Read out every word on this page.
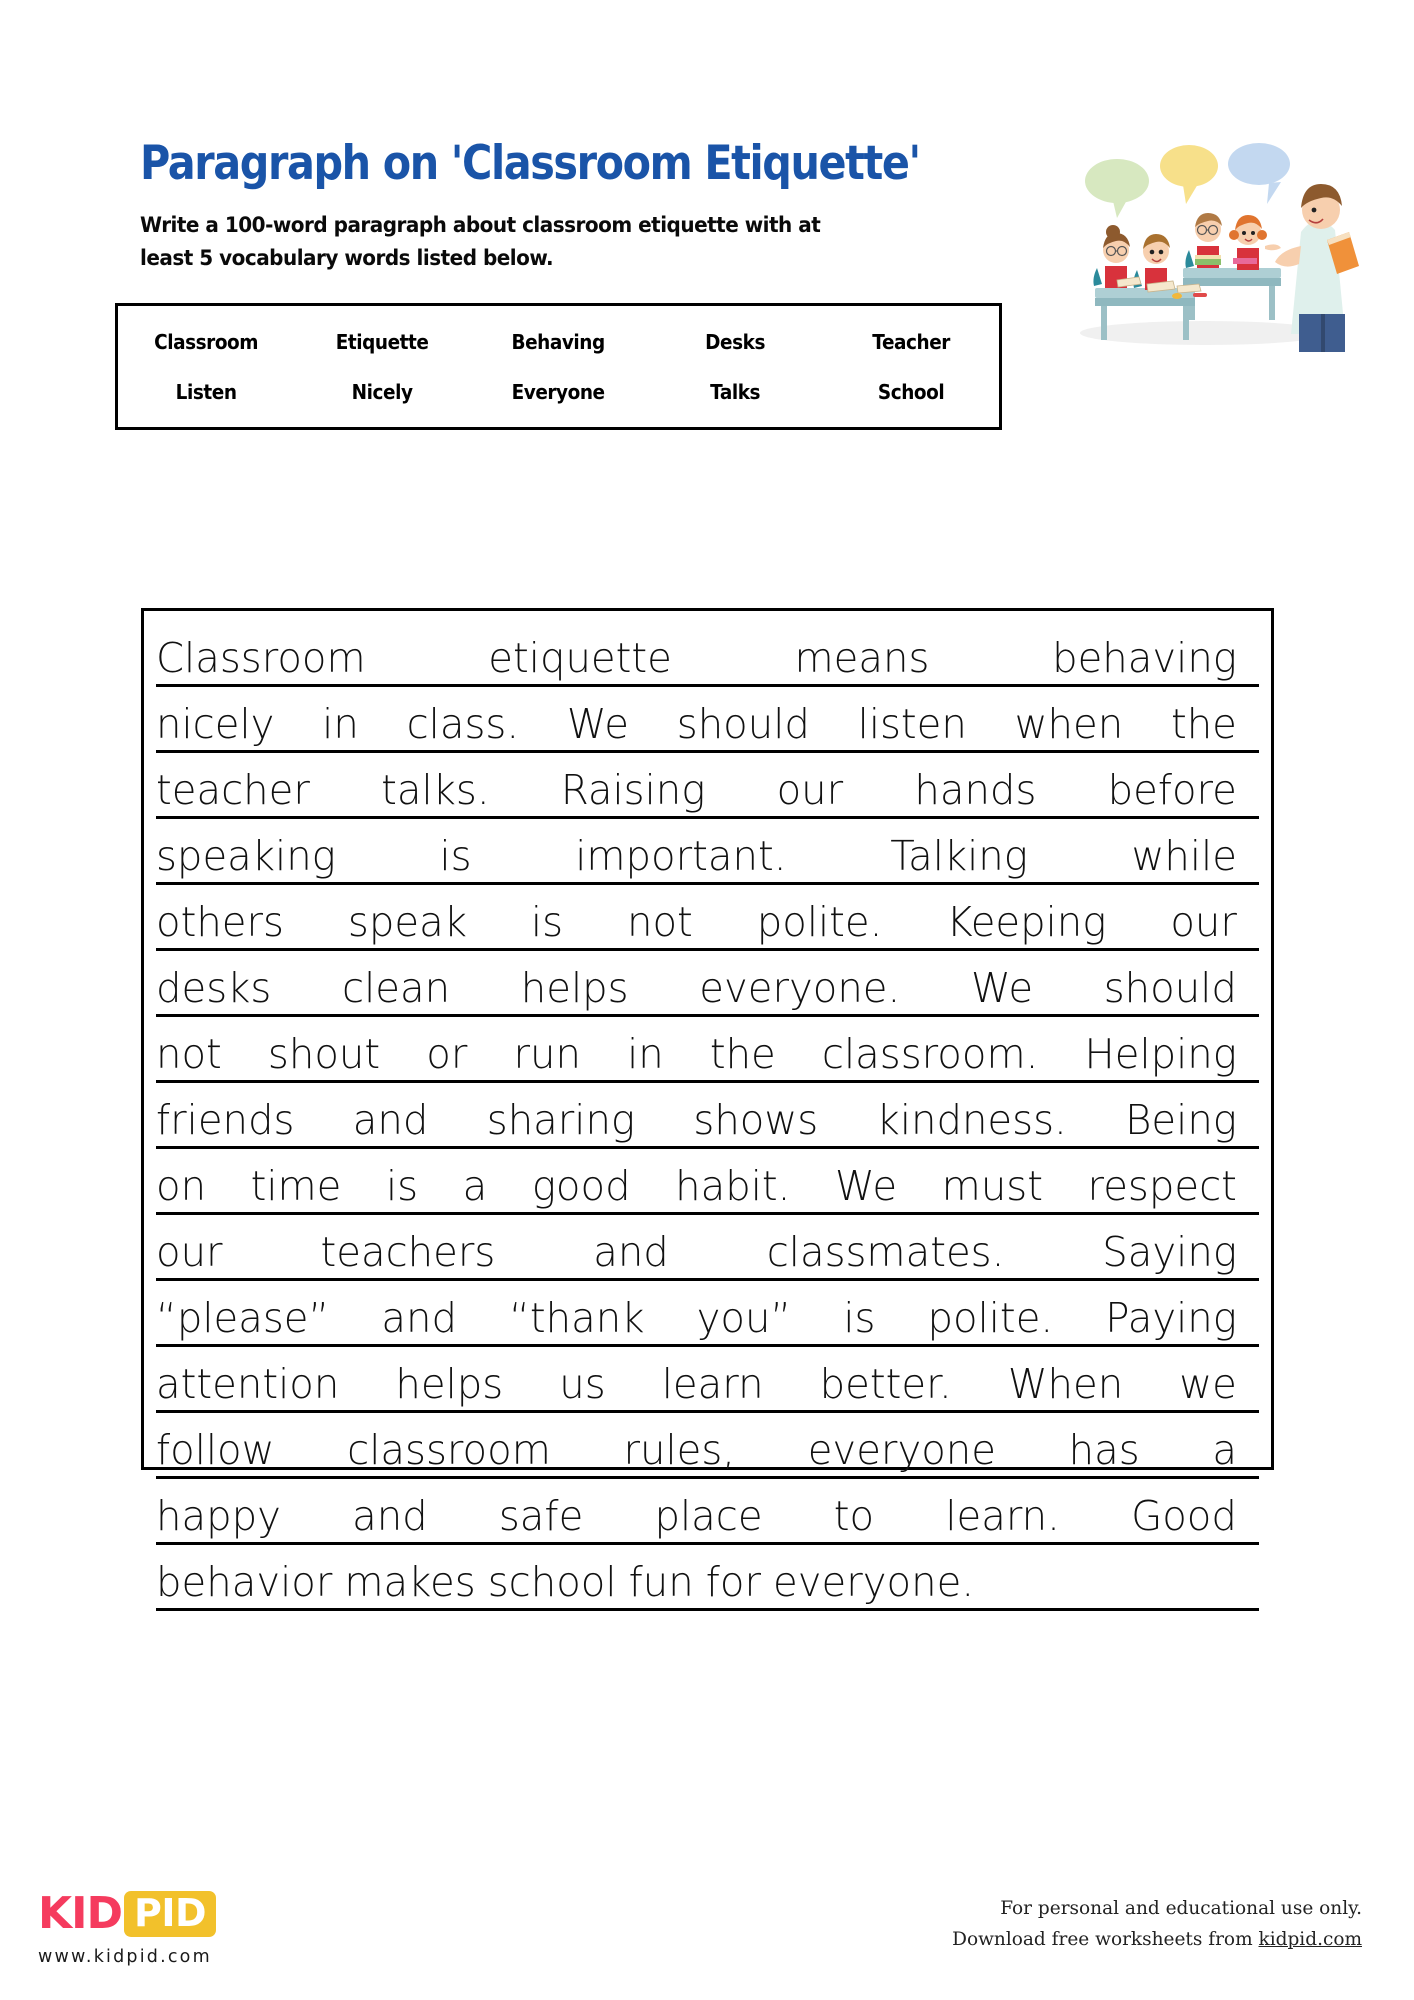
Paragraph on 'Classroom Etiquette'
Write a 100-word paragraph about classroom etiquette with at least 5 vocabulary words listed below.
Classroom	Etiquette	Behaving	Desks	Teacher
Listen	Nicely	Everyone	Talks	School
Classroom	etiquette	means	behaving
nicely in class. We should listen when the
teacher talks. Raising our hands before
speaking	is	important.	Talking	while
others speak is not polite. Keeping our
desks clean helps everyone. We should
not shout or run in the classroom. Helping
friends and sharing shows kindness. Being
on time is a good habit. We must respect
our teachers and classmates. Saying
“please” and “thank you” is polite. Paying
attention helps us learn better. When we
follow classroom rules, everyone has a
happy and safe place to learn. Good
behavior makes school fun for everyone.
KID PID
www.kidpid.com
For personal and educational use only.
Download free worksheets from kidpid.com
